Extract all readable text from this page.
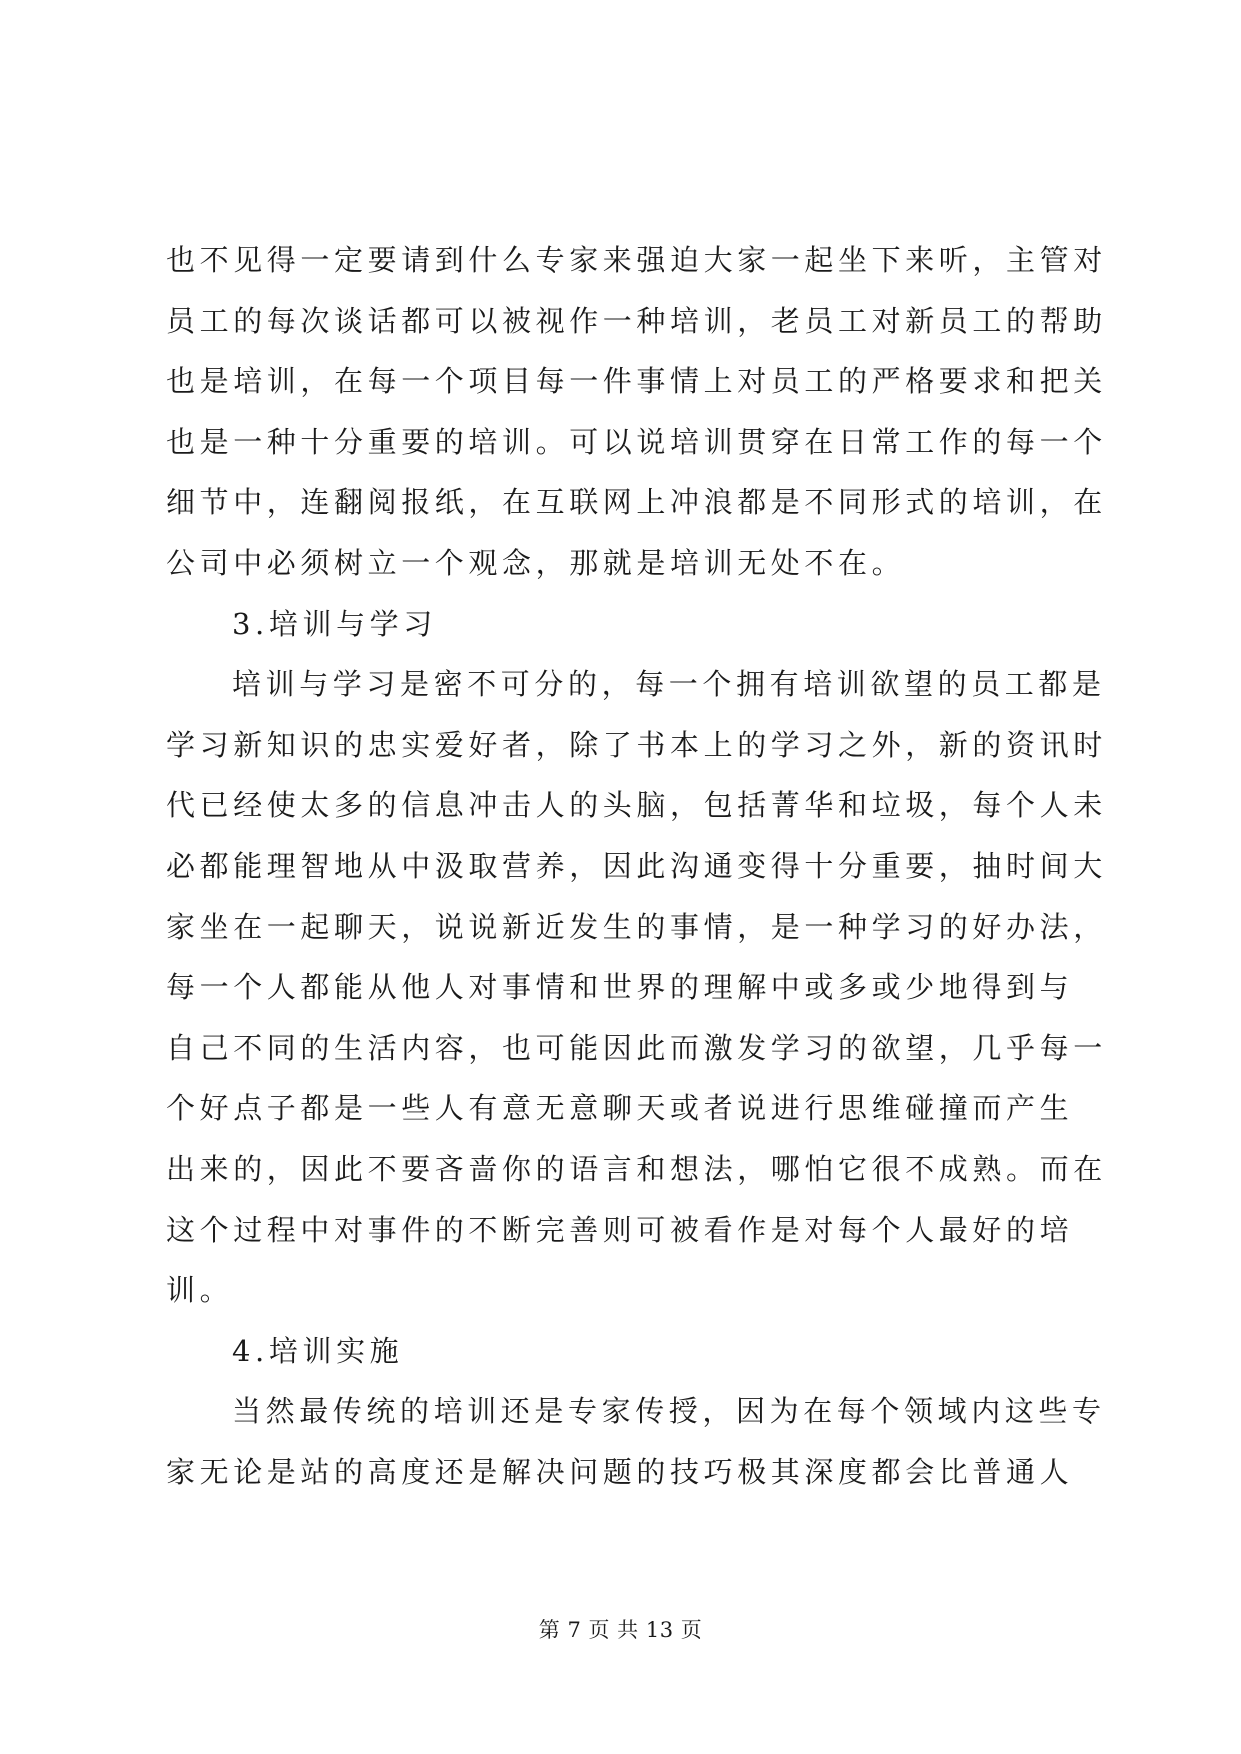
也不见得一定要请到什么专家来强迫大家一起坐下来听，主管对
员工的每次谈话都可以被视作一种培训，老员工对新员工的帮助
也是培训，在每一个项目每一件事情上对员工的严格要求和把关
也是一种十分重要的培训。可以说培训贯穿在日常工作的每一个
细节中，连翻阅报纸，在互联网上冲浪都是不同形式的培训，在
公司中必须树立一个观念，那就是培训无处不在。
3.培训与学习
培训与学习是密不可分的，每一个拥有培训欲望的员工都是
学习新知识的忠实爱好者，除了书本上的学习之外，新的资讯时
代已经使太多的信息冲击人的头脑，包括菁华和垃圾，每个人未
必都能理智地从中汲取营养，因此沟通变得十分重要，抽时间大
家坐在一起聊天，说说新近发生的事情，是一种学习的好办法，
每一个人都能从他人对事情和世界的理解中或多或少地得到与
自己不同的生活内容，也可能因此而激发学习的欲望，几乎每一
个好点子都是一些人有意无意聊天或者说进行思维碰撞而产生
出来的，因此不要吝啬你的语言和想法，哪怕它很不成熟。而在
这个过程中对事件的不断完善则可被看作是对每个人最好的培
训。
4.培训实施
当然最传统的培训还是专家传授，因为在每个领域内这些专
家无论是站的高度还是解决问题的技巧极其深度都会比普通人
第 7 页 共 13 页
